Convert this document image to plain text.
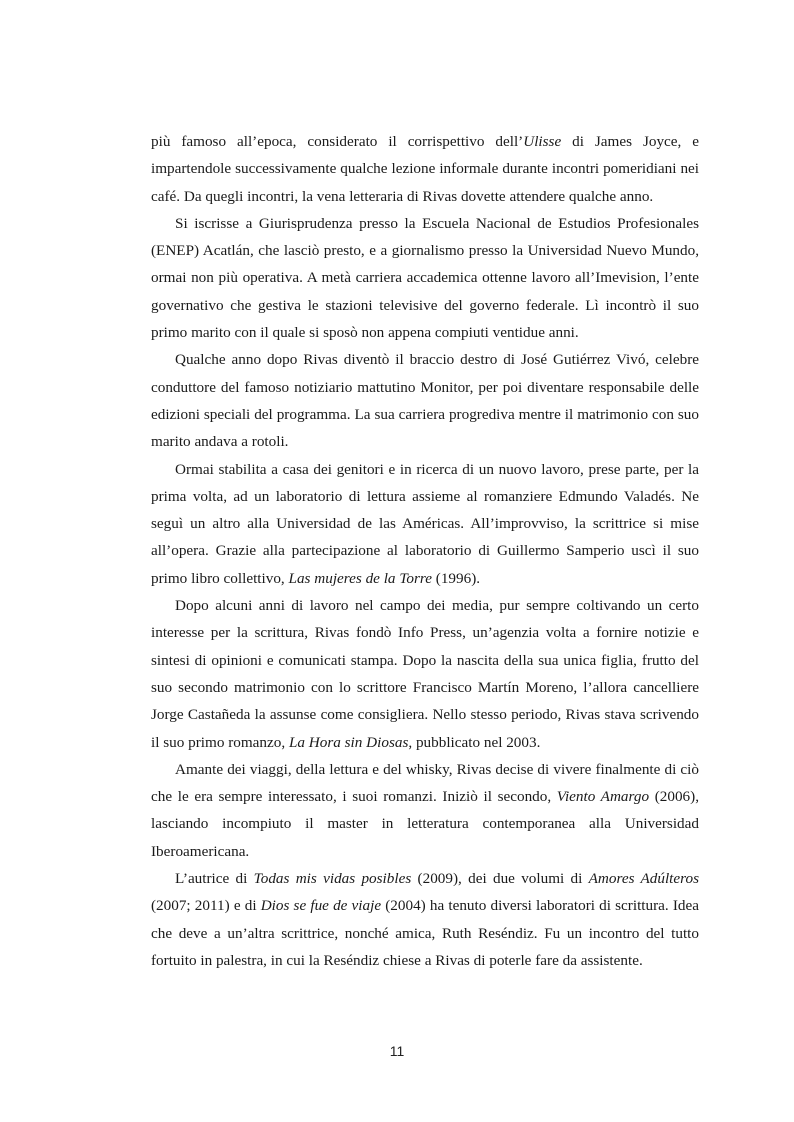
più famoso all’epoca, considerato il corrispettivo dell’Ulisse di James Joyce, e impartendole successivamente qualche lezione informale durante incontri pomeridiani nei café. Da quegli incontri, la vena letteraria di Rivas dovette attendere qualche anno.

Si iscrisse a Giurisprudenza presso la Escuela Nacional de Estudios Profesionales (ENEP) Acatlán, che lasciò presto, e a giornalismo presso la Universidad Nuevo Mundo, ormai non più operativa. A metà carriera accademica ottenne lavoro all’Imevision, l’ente governativo che gestiva le stazioni televisive del governo federale. Lì incontrò il suo primo marito con il quale si sposò non appena compiuti ventidue anni.

Qualche anno dopo Rivas diventò il braccio destro di José Gutiérrez Vivó, celebre conduttore del famoso notiziario mattutino Monitor, per poi diventare responsabile delle edizioni speciali del programma. La sua carriera progrediva mentre il matrimonio con suo marito andava a rotoli.

Ormai stabilita a casa dei genitori e in ricerca di un nuovo lavoro, prese parte, per la prima volta, ad un laboratorio di lettura assieme al romanziere Edmundo Valadés. Ne seguì un altro alla Universidad de las Américas. All’improvviso, la scrittrice si mise all’opera. Grazie alla partecipazione al laboratorio di Guillermo Samperio uscì il suo primo libro collettivo, Las mujeres de la Torre (1996).

Dopo alcuni anni di lavoro nel campo dei media, pur sempre coltivando un certo interesse per la scrittura, Rivas fondò Info Press, un’agenzia volta a fornire notizie e sintesi di opinioni e comunicati stampa. Dopo la nascita della sua unica figlia, frutto del suo secondo matrimonio con lo scrittore Francisco Martín Moreno, l’allora cancelliere Jorge Castañeda la assunse come consigliera. Nello stesso periodo, Rivas stava scrivendo il suo primo romanzo, La Hora sin Diosas, pubblicato nel 2003.

Amante dei viaggi, della lettura e del whisky, Rivas decise di vivere finalmente di ciò che le era sempre interessato, i suoi romanzi. Iniziò il secondo, Viento Amargo (2006), lasciando incompiuto il master in letteratura contemporanea alla Universidad Iberoamericana.

L’autrice di Todas mis vidas posibles (2009), dei due volumi di Amores Adúlteros (2007; 2011) e di Dios se fue de viaje (2004) ha tenuto diversi laboratori di scrittura. Idea che deve a un’altra scrittrice, nonché amica, Ruth Reséndiz. Fu un incontro del tutto fortuito in palestra, in cui la Reséndiz chiese a Rivas di poterle fare da assistente.

11
